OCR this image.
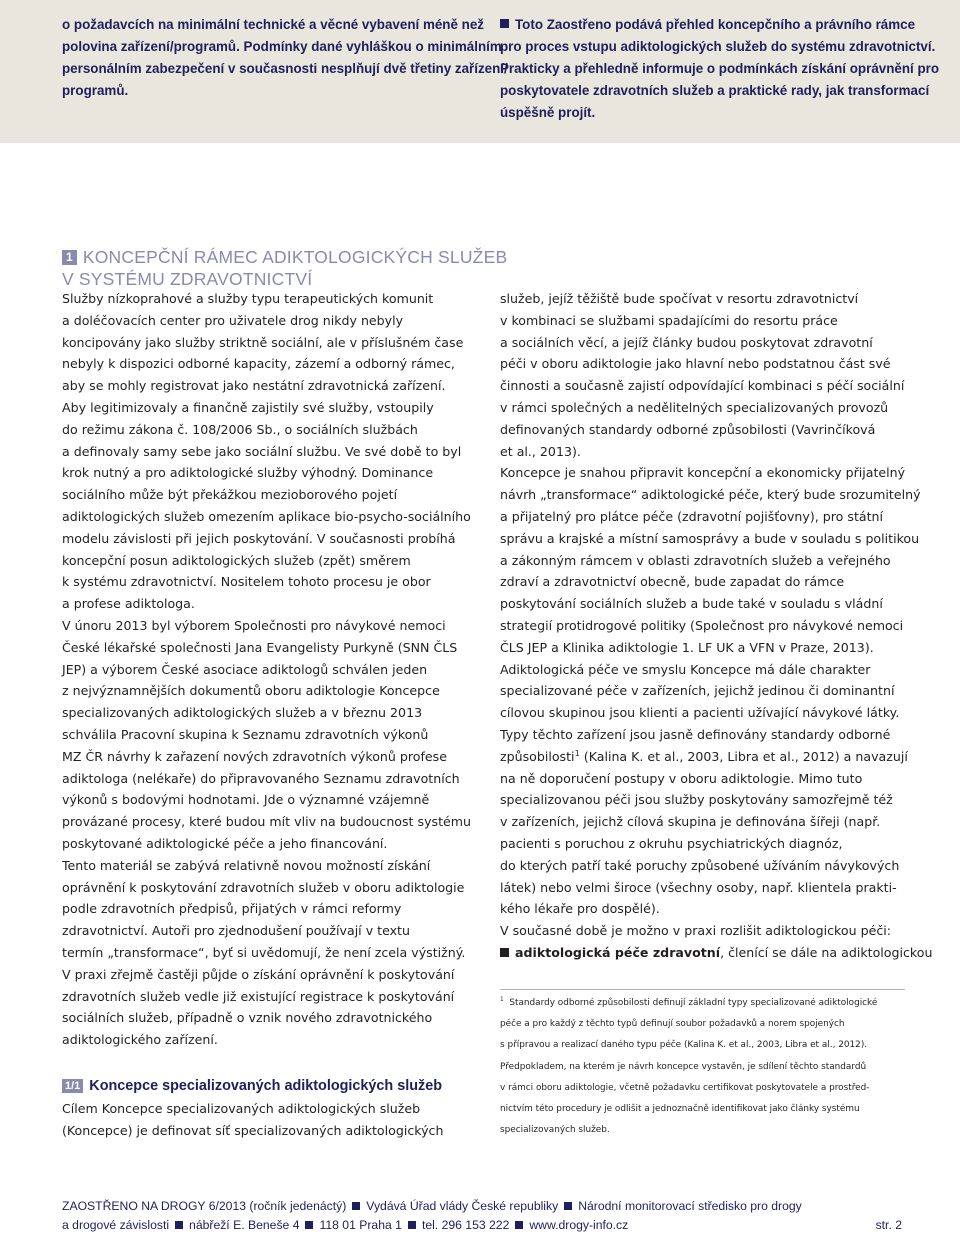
o požadavcích na minimální technické a věcné vybavení méně než
polovina zařízení/programů. Podmínky dané vyhláškou o minimálním
personálním zabezpečení v současnosti nesplňují dvě třetiny zařízení/
programů.
Toto Zaostřeno podává přehled koncepčního a právního rámce
pro proces vstupu adiktologických služeb do systému zdravotnictví.
Prakticky a přehledně informuje o podmínkách získání oprávnění pro
poskytovatele zdravotních služeb a praktické rady, jak transformací
úspěšně projít.
1 KONCEPČNÍ RÁMEC ADIKTOLOGICKÝCH SLUŽEB
V SYSTÉMU ZDRAVOTNICTVÍ
Služby nízkoprahové a služby typu terapeutických komunit
a doléčovacích center pro uživatele drog nikdy nebyly
koncipovány jako služby striktně sociální, ale v příslušném čase
nebyly k dispozici odborné kapacity, zázemí a odborný rámec,
aby se mohly registrovat jako nestátní zdravotnická zařízení.
Aby legitimizovaly a finančně zajistily své služby, vstoupily
do režimu zákona č. 108/2006 Sb., o sociálních službách
a definovaly samy sebe jako sociální službu. Ve své době to byl
krok nutný a pro adiktologické služby výhodný. Dominance
sociálního může být překážkou mezioborového pojetí
adiktologických služeb omezením aplikace bio-psycho-sociálního
modelu závislosti při jejich poskytování. V současnosti probíhá
koncepční posun adiktologických služeb (zpět) směrem
k systému zdravotnictví. Nositelem tohoto procesu je obor
a profese adiktologa.
V únoru 2013 byl výborem Společnosti pro návykové nemoci
České lékařské společnosti Jana Evangelisty Purkyně (SNN ČLS
JEP) a výborem České asociace adiktologů schválen jeden
z nejvýznamnějších dokumentů oboru adiktologie Koncepce
specializovaných adiktologických služeb a v březnu 2013
schválila Pracovní skupina k Seznamu zdravotních výkonů
MZ ČR návrhy k zařazení nových zdravotních výkonů profese
adiktologa (nelékaře) do připravovaného Seznamu zdravotních
výkonů s bodovými hodnotami. Jde o významné vzájemně
provázané procesy, které budou mít vliv na budoucnost systému
poskytované adiktologické péče a jeho financování.
Tento materiál se zabývá relativně novou možností získání
oprávnění k poskytování zdravotních služeb v oboru adiktologie
podle zdravotních předpisů, přijatých v rámci reformy
zdravotnictví. Autoři pro zjednodušení používají v textu
termín „transformace“, byť si uvědomují, že není zcela výstižný.
V praxi zřejmě častěji půjde o získání oprávnění k poskytování
zdravotních služeb vedle již existující registrace k poskytování
sociálních služeb, případně o vznik nového zdravotnického
adiktologického zařízení.
1/1 Koncepce specializovaných adiktologických služeb
Cílem Koncepce specializovaných adiktologických služeb
(Koncepce) je definovat síť specializovaných adiktologických
služeb, jejíž těžiště bude spočívat v resortu zdravotnictví
v kombinaci se službami spadajícími do resortu práce
a sociálních věcí, a jejíž články budou poskytovat zdravotní
péči v oboru adiktologie jako hlavní nebo podstatnou část své
činnosti a současně zajistí odpovídající kombinaci s péčí sociální
v rámci společných a nedělitelných specializovaných provozů
definovaných standardy odborné způsobilosti (Vavrinčíková
et al., 2013).
Koncepce je snahou připravit koncepční a ekonomicky přijatelný
návrh „transformace“ adiktologické péče, který bude srozumitelný
a přijatelný pro plátce péče (zdravotní pojišťovny), pro státní
správu a krajské a místní samosprávy a bude v souladu s politikou
a zákonným rámcem v oblasti zdravotních služeb a veřejného
zdraví a zdravotnictví obecně, bude zapadat do rámce
poskytování sociálních služeb a bude také v souladu s vládní
strategií protidrogové politiky (Společnost pro návykové nemoci
ČLS JEP a Klinika adiktologie 1. LF UK a VFN v Praze, 2013).
Adiktologická péče ve smyslu Koncepce má dále charakter
specializované péče v zařízeních, jejichž jedinou či dominantní
cílovou skupinou jsou klienti a pacienti užívající návykové látky.
Typy těchto zařízení jsou jasně definovány standardy odborné
způsobilosti$^1$ (Kalina K. et al., 2003, Libra et al., 2012) a navazují
na ně doporučení postupy v oboru adiktologie. Mimo tuto
specializovanou péči jsou služby poskytovány samozřejmě též
v zařízeních, jejichž cílová skupina je definována šířeji (např.
pacienti s poruchou z okruhu psychiatrických diagnóz,
do kterých patří také poruchy způsobené užíváním návykových
látek) nebo velmi široce (všechny osoby, např. klientela prakti-
kého lékaře pro dospělé).
V současné době je možno v praxi rozlišit adiktologickou péči:
adiktologická péče zdravotní, členící se dále na adiktologickou
$^1$ Standardy odborné způsobilosti definují základní typy specializované adiktologické
péče a pro každý z těchto typů definují soubor požadavků a norem spojených
s přípravou a realizací daného typu péče (Kalina K. et al., 2003, Libra et al., 2012).
Předpokladem, na kterém je návrh koncepce vystavěn, je sdílení těchto standardů
v rámci oboru adiktologie, včetně požadavku certifikovat poskytovatele a prostřed-
nictvím této procedury je odlišit a jednoznačně identifikovat jako články systému
specializovaných služeb.
ZAOSTŘENO NA DROGY 6/2013 (ročník jedenáctý) Vydává Úřad vlády České republiky Národní monitorovací středisko pro drogy
a drogové závislosti nábřeží E. Beneše 4 118 01 Praha 1 tel. 296 153 222 www.drogy-info.cz	str. 2
